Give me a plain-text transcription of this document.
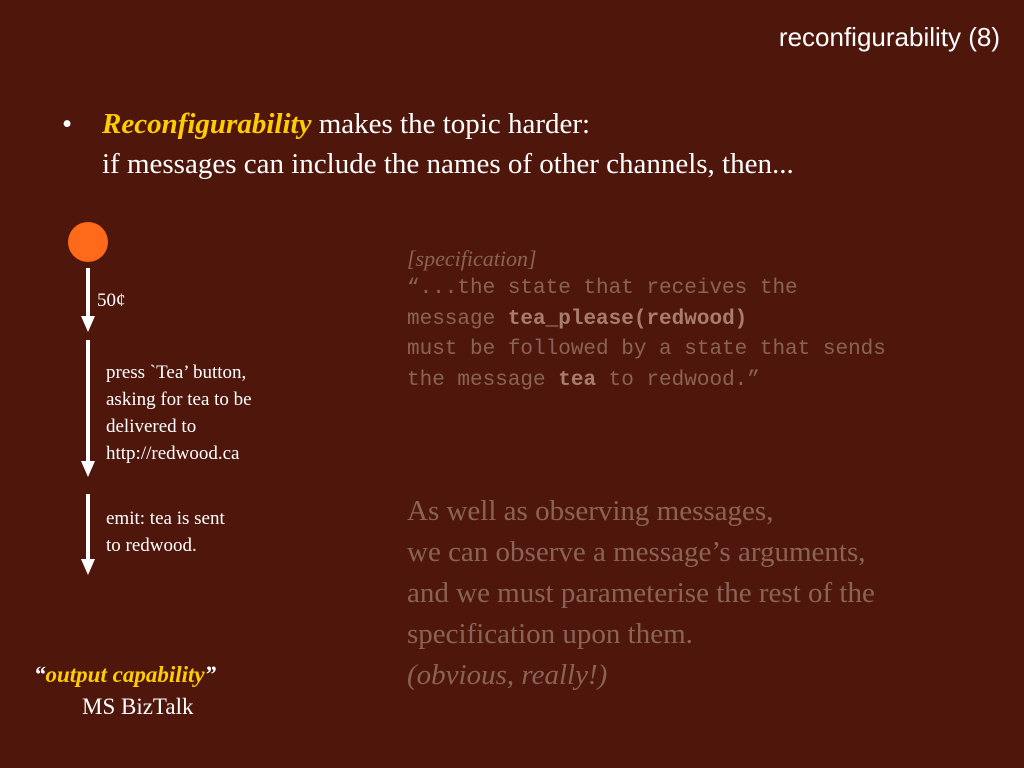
reconfigurability (8)
• Reconfigurability makes the topic harder:
if messages can include the names of other channels, then...
50¢
press `Tea’ button,
asking for tea to be
delivered to
http://redwood.ca
emit: tea is sent
to redwood.
[specification]
“...the state that receives the
message tea_please(redwood)
must be followed by a state that sends
the message tea to redwood.”
As well as observing messages,
we can observe a message’s arguments,
and we must parameterise the rest of the
specification upon them.
(obvious, really!)
“output capability”
MS BizTalk
